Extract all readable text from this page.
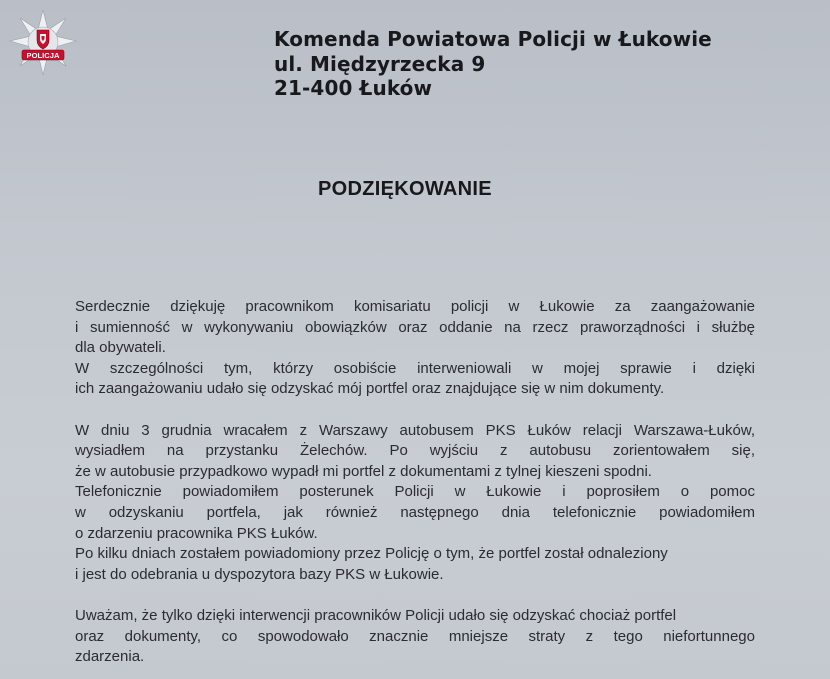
POLICJA
Komenda Powiatowa Policji w Łukowie
ul. Międzyrzecka 9
21-400 Łuków
PODZIĘKOWANIE
Serdecznie dziękuję pracownikom komisariatu policji w Łukowie za zaangażowanie
i sumienność w wykonywaniu obowiązków oraz oddanie na rzecz praworządności i służbę
dla obywateli.
W szczególności tym, którzy osobiście interweniowali w mojej sprawie i dzięki
ich zaangażowaniu udało się odzyskać mój portfel oraz znajdujące się w nim dokumenty.
W dniu 3 grudnia wracałem z Warszawy autobusem PKS Łuków relacji Warszawa-Łuków,
wysiadłem na przystanku Żelechów. Po wyjściu z autobusu zorientowałem się,
że w autobusie przypadkowo wypadł mi portfel z dokumentami z tylnej kieszeni spodni.
Telefonicznie powiadomiłem posterunek Policji w Łukowie i poprosiłem o pomoc
w odzyskaniu portfela, jak również następnego dnia telefonicznie powiadomiłem
o zdarzeniu pracownika PKS Łuków.
Po kilku dniach zostałem powiadomiony przez Policję o tym, że portfel został odnaleziony
i jest do odebrania u dyspozytora bazy PKS w Łukowie.
Uważam, że tylko dzięki interwencji pracowników Policji udało się odzyskać chociaż portfel
oraz dokumenty, co spowodowało znacznie mniejsze straty z tego niefortunnego
zdarzenia.
